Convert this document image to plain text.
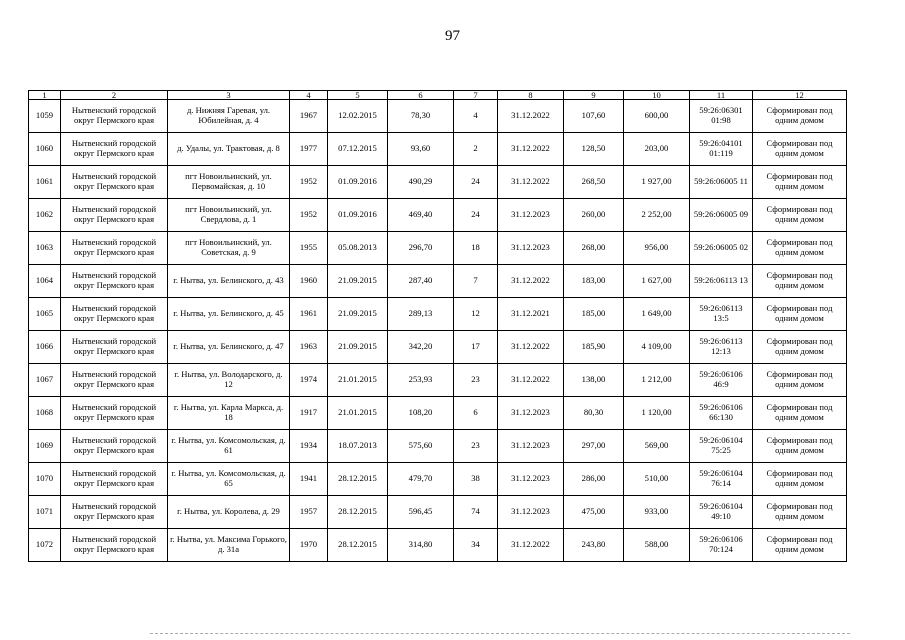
97
1	2	3	4	5	6	7	8	9	10	11	12
1059	Нытвенский городской округ Пермского края	д. Нижняя Гаревая, ул. Юбилейная, д. 4	1967	12.02.2015	78,30	4	31.12.2022	107,60	600,00	59:26:06301 01:98	Сформирован под одним домом
1060	Нытвенский городской округ Пермского края	д. Удалы, ул. Трактовая, д. 8	1977	07.12.2015	93,60	2	31.12.2022	128,50	203,00	59:26:04101 01:119	Сформирован под одним домом
1061	Нытвенский городской округ Пермского края	пгт Новоильинский, ул. Первомайская, д. 10	1952	01.09.2016	490,29	24	31.12.2022	268,50	1 927,00	59:26:06005 11	Сформирован под одним домом
1062	Нытвенский городской округ Пермского края	пгт Новоильинский, ул. Свердлова, д. 1	1952	01.09.2016	469,40	24	31.12.2023	260,00	2 252,00	59:26:06005 09	Сформирован под одним домом
1063	Нытвенский городской округ Пермского края	пгт Новоильинский, ул. Советская, д. 9	1955	05.08.2013	296,70	18	31.12.2023	268,00	956,00	59:26:06005 02	Сформирован под одним домом
1064	Нытвенский городской округ Пермского края	г. Нытва, ул. Белинского, д. 43	1960	21.09.2015	287,40	7	31.12.2022	183,00	1 627,00	59:26:06113 13	Сформирован под одним домом
1065	Нытвенский городской округ Пермского края	г. Нытва, ул. Белинского, д. 45	1961	21.09.2015	289,13	12	31.12.2021	185,00	1 649,00	59:26:06113 13:5	Сформирован под одним домом
1066	Нытвенский городской округ Пермского края	г. Нытва, ул. Белинского, д. 47	1963	21.09.2015	342,20	17	31.12.2022	185,90	4 109,00	59:26:06113 12:13	Сформирован под одним домом
1067	Нытвенский городской округ Пермского края	г. Нытва, ул. Володарского, д. 12	1974	21.01.2015	253,93	23	31.12.2022	138,00	1 212,00	59:26:06106 46:9	Сформирован под одним домом
1068	Нытвенский городской округ Пермского края	г. Нытва, ул. Карла Маркса, д. 18	1917	21.01.2015	108,20	6	31.12.2023	80,30	1 120,00	59:26:06106 66:130	Сформирован под одним домом
1069	Нытвенский городской округ Пермского края	г. Нытва, ул. Комсомольская, д. 61	1934	18.07.2013	575,60	23	31.12.2023	297,00	569,00	59:26:06104 75:25	Сформирован под одним домом
1070	Нытвенский городской округ Пермского края	г. Нытва, ул. Комсомольская, д. 65	1941	28.12.2015	479,70	38	31.12.2023	286,00	510,00	59:26:06104 76:14	Сформирован под одним домом
1071	Нытвенский городской округ Пермского края	г. Нытва, ул. Королева, д. 29	1957	28.12.2015	596,45	74	31.12.2023	475,00	933,00	59:26:06104 49:10	Сформирован под одним домом
1072	Нытвенский городской округ Пермского края	г. Нытва, ул. Максима Горького, д. 31а	1970	28.12.2015	314,80	34	31.12.2022	243,80	588,00	59:26:06106 70:124	Сформирован под одним домом
